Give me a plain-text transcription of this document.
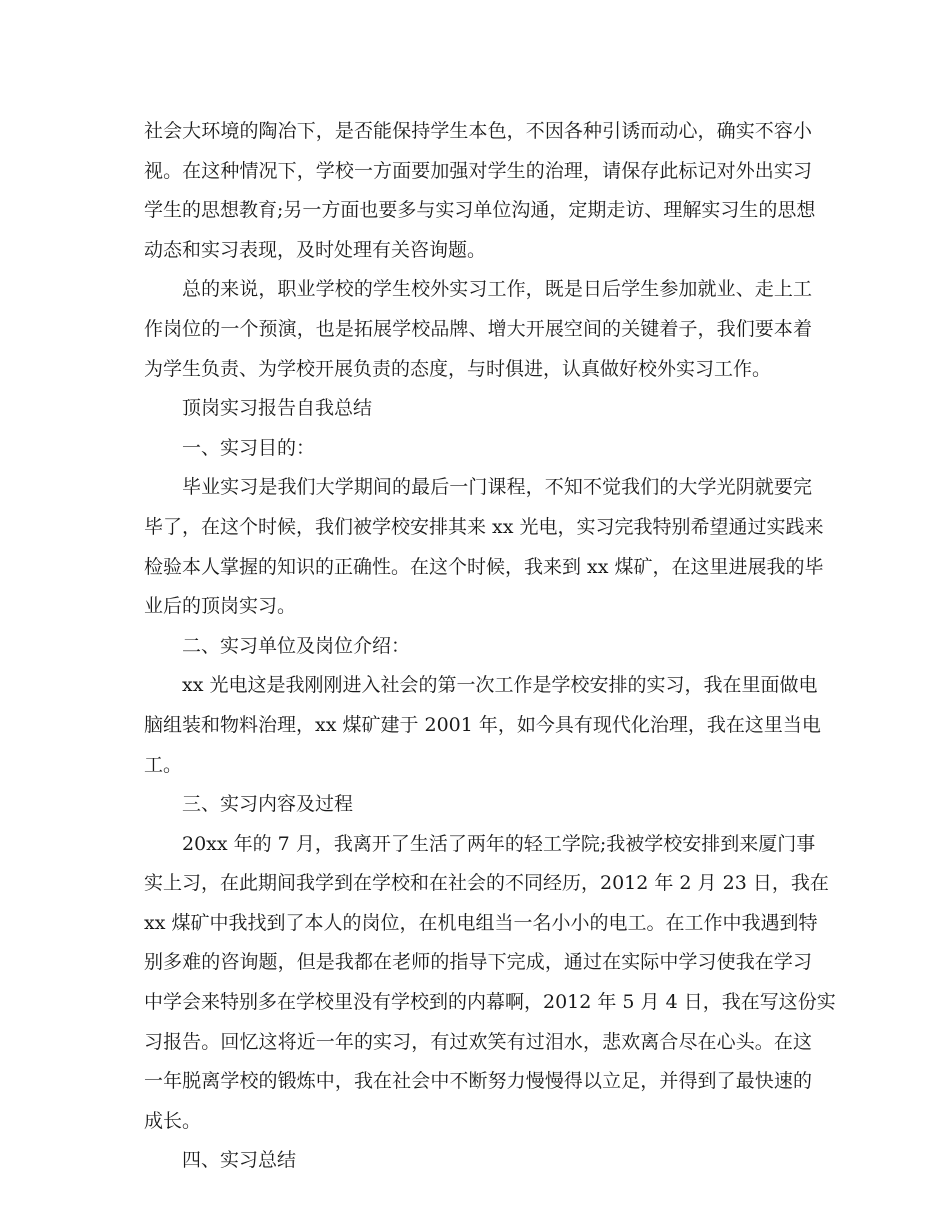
社会大环境的陶冶下，是否能保持学生本色，不因各种引诱而动心，确实不容小

视。在这种情况下，学校一方面要加强对学生的治理，请保存此标记对外出实习

学生的思想教育;另一方面也要多与实习单位沟通，定期走访、理解实习生的思想

动态和实习表现，及时处理有关咨询题。

总的来说，职业学校的学生校外实习工作，既是日后学生参加就业、走上工

作岗位的一个预演，也是拓展学校品牌、增大开展空间的关键着子，我们要本着

为学生负责、为学校开展负责的态度，与时俱进，认真做好校外实习工作。

顶岗实习报告自我总结

一、实习目的：

毕业实习是我们大学期间的最后一门课程，不知不觉我们的大学光阴就要完

毕了，在这个时候，我们被学校安排其来 xx 光电，实习完我特别希望通过实践来

检验本人掌握的知识的正确性。在这个时候，我来到 xx 煤矿，在这里进展我的毕

业后的顶岗实习。

二、实习单位及岗位介绍：

xx 光电这是我刚刚进入社会的第一次工作是学校安排的实习，我在里面做电

脑组装和物料治理，xx 煤矿建于 2001 年，如今具有现代化治理，我在这里当电

工。

三、实习内容及过程

20xx 年的 7 月，我离开了生活了两年的轻工学院;我被学校安排到来厦门事

实上习，在此期间我学到在学校和在社会的不同经历，2012 年 2 月 23 日，我在

xx 煤矿中我找到了本人的岗位，在机电组当一名小小的电工。在工作中我遇到特

别多难的咨询题，但是我都在老师的指导下完成，通过在实际中学习使我在学习

中学会来特别多在学校里没有学校到的内幕啊，2012 年 5 月 4 日，我在写这份实

习报告。回忆这将近一年的实习，有过欢笑有过泪水，悲欢离合尽在心头。在这

一年脱离学校的锻炼中，我在社会中不断努力慢慢得以立足，并得到了最快速的

成长。

四、实习总结
